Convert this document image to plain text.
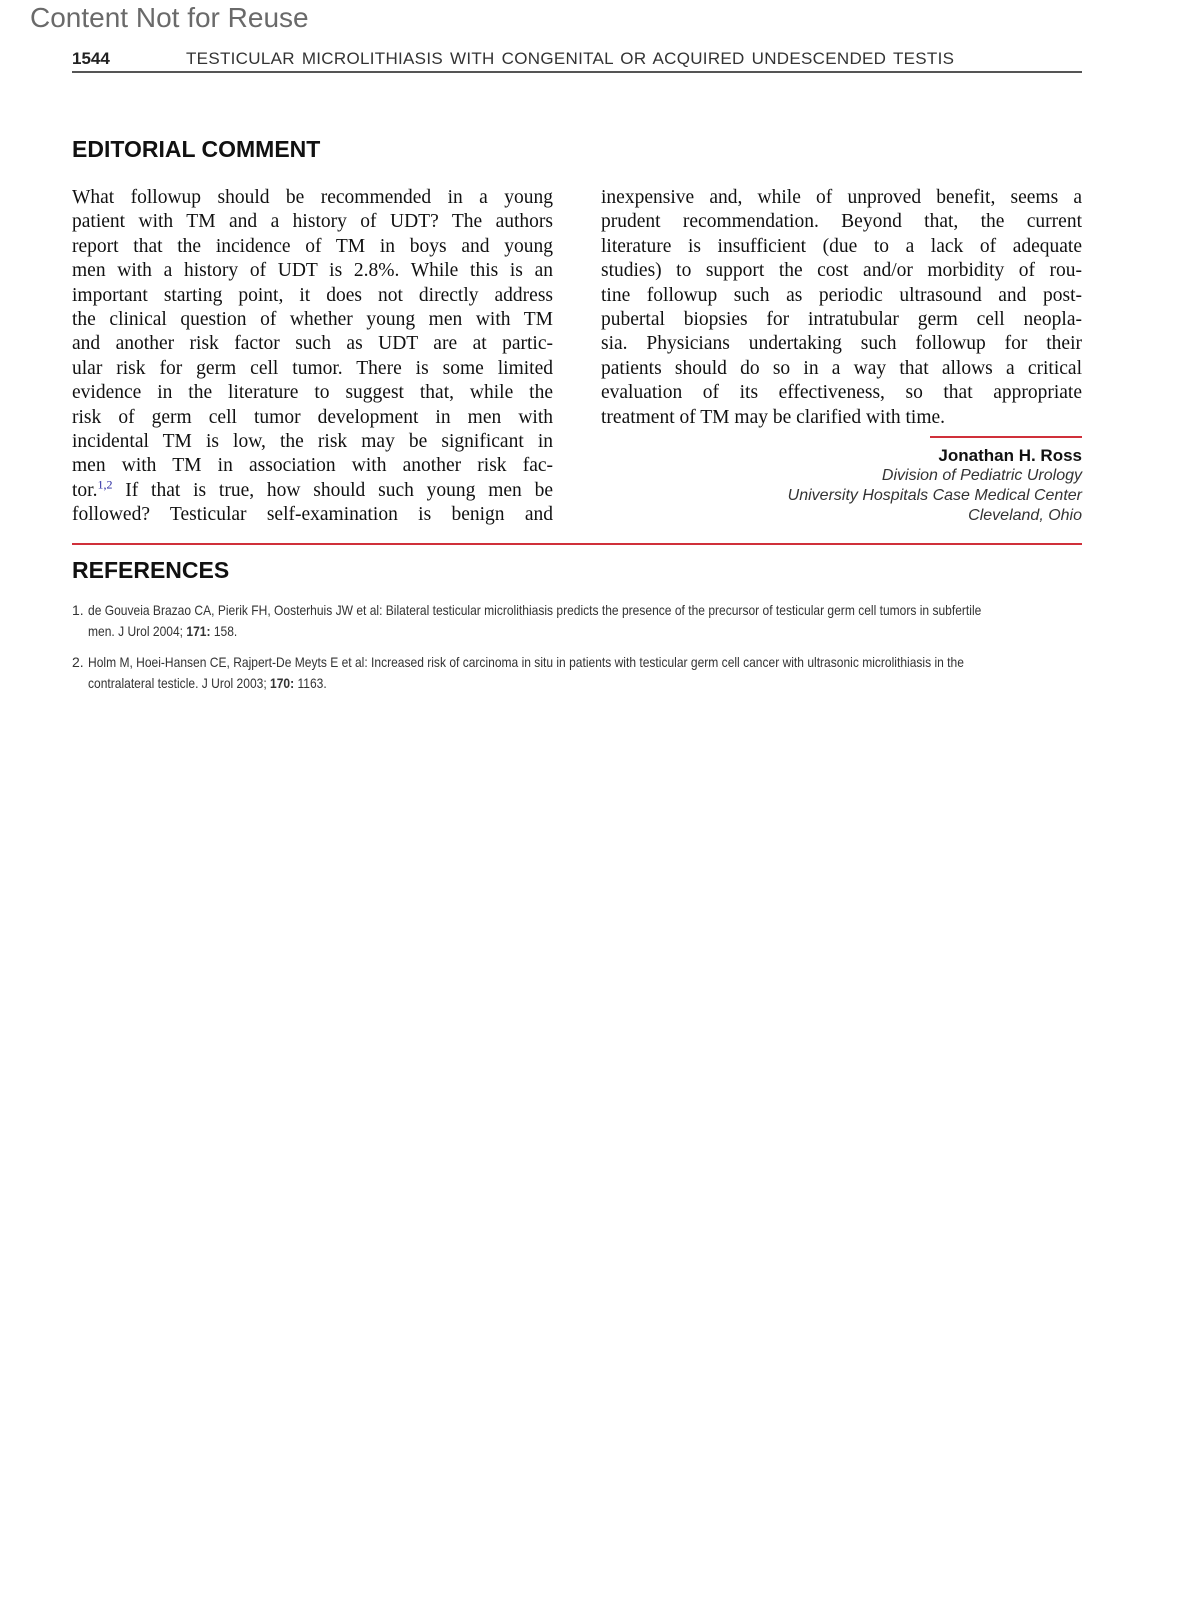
Content Not for Reuse
1544	TESTICULAR MICROLITHIASIS WITH CONGENITAL OR ACQUIRED UNDESCENDED TESTIS
EDITORIAL COMMENT
What followup should be recommended in a young
patient with TM and a history of UDT? The authors
report that the incidence of TM in boys and young
men with a history of UDT is 2.8%. While this is an
important starting point, it does not directly address
the clinical question of whether young men with TM
and another risk factor such as UDT are at partic-
ular risk for germ cell tumor. There is some limited
evidence in the literature to suggest that, while the
risk of germ cell tumor development in men with
incidental TM is low, the risk may be significant in
men with TM in association with another risk fac-
tor.$^{1,2}$ If that is true, how should such young men be
followed? Testicular self-examination is benign and
inexpensive and, while of unproved benefit, seems a
prudent recommendation. Beyond that, the current
literature is insufficient (due to a lack of adequate
studies) to support the cost and/or morbidity of rou-
tine followup such as periodic ultrasound and post-
pubertal biopsies for intratubular germ cell neopla-
sia. Physicians undertaking such followup for their
patients should do so in a way that allows a critical
evaluation of its effectiveness, so that appropriate
treatment of TM may be clarified with time.
Jonathan H. Ross
Division of Pediatric Urology
University Hospitals Case Medical Center
Cleveland, Ohio
REFERENCES
1. de Gouveia Brazao CA, Pierik FH, Oosterhuis JW et al: Bilateral testicular microlithiasis predicts the presence of the precursor of testicular germ cell tumors in subfertile
men. J Urol 2004; 171: 158.
2. Holm M, Hoei-Hansen CE, Rajpert-De Meyts E et al: Increased risk of carcinoma in situ in patients with testicular germ cell cancer with ultrasonic microlithiasis in the
contralateral testicle. J Urol 2003; 170: 1163.
